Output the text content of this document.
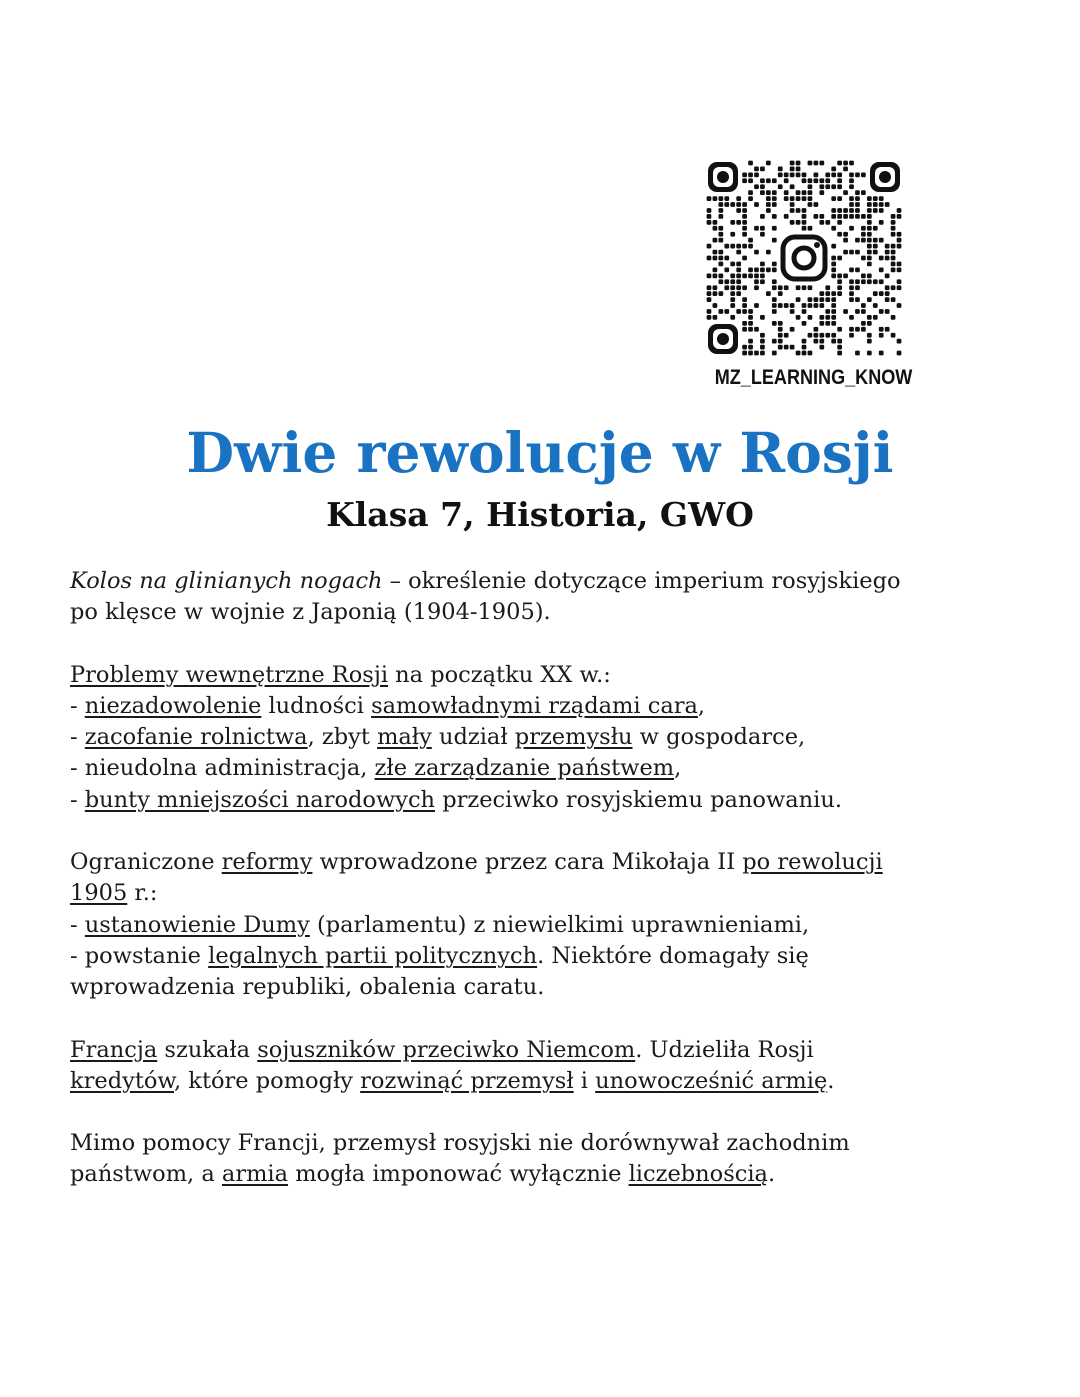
MZ_LEARNING_KNOW
Dwie rewolucje w Rosji
Klasa 7, Historia, GWO
Kolos na glinianych nogach – określenie dotyczące imperium rosyjskiego
po klęsce w wojnie z Japonią (1904-1905).
Problemy wewnętrzne Rosji na początku XX w.:
- niezadowolenie ludności samowładnymi rządami cara,
- zacofanie rolnictwa, zbyt mały udział przemysłu w gospodarce,
- nieudolna administracja, złe zarządzanie państwem,
- bunty mniejszości narodowych przeciwko rosyjskiemu panowaniu.
Ograniczone reformy wprowadzone przez cara Mikołaja II po rewolucji
1905 r.:
- ustanowienie Dumy (parlamentu) z niewielkimi uprawnieniami,
- powstanie legalnych partii politycznych. Niektóre domagały się
wprowadzenia republiki, obalenia caratu.
Francja szukała sojuszników przeciwko Niemcom. Udzieliła Rosji
kredytów, które pomogły rozwinąć przemysł i unowocześnić armię.
Mimo pomocy Francji, przemysł rosyjski nie dorównywał zachodnim
państwom, a armia mogła imponować wyłącznie liczebnością.
